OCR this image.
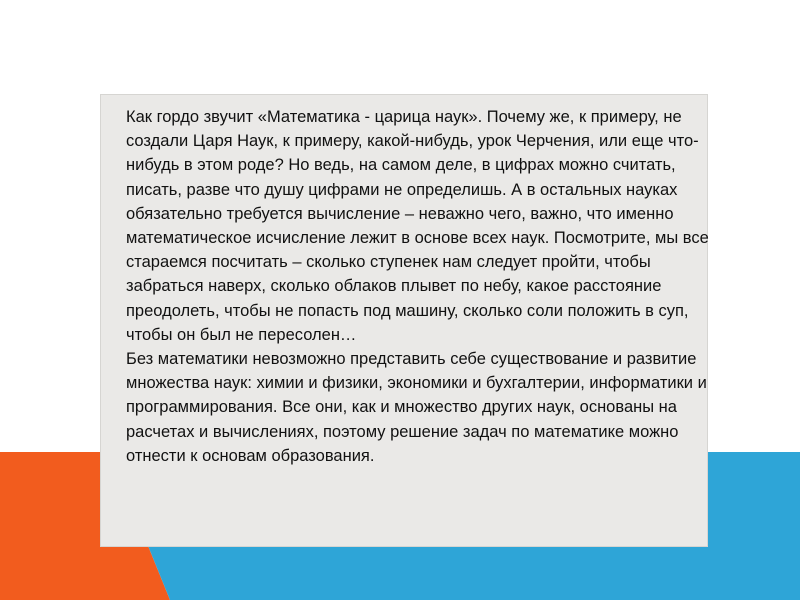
Как гордо звучит «Математика - царица наук». Почему же, к примеру, не создали Царя Наук, к примеру, какой-нибудь, урок Черчения, или еще что-нибудь в этом роде? Но ведь, на самом деле, в цифрах можно считать, писать, разве что душу цифрами не определишь. А в остальных науках обязательно требуется вычисление – неважно чего, важно, что именно математическое исчисление лежит в основе всех наук. Посмотрите, мы все стараемся посчитать – сколько ступенек нам следует пройти, чтобы забраться наверх, сколько облаков плывет по небу, какое расстояние преодолеть, чтобы не попасть под машину, сколько соли положить в суп, чтобы он был не пересолен…

Без математики невозможно представить себе существование и развитие множества наук: химии и физики, экономики и бухгалтерии, информатики и программирования. Все они, как и множество других наук, основаны на расчетах и вычислениях, поэтому решение задач по математике можно отнести к основам образования.
